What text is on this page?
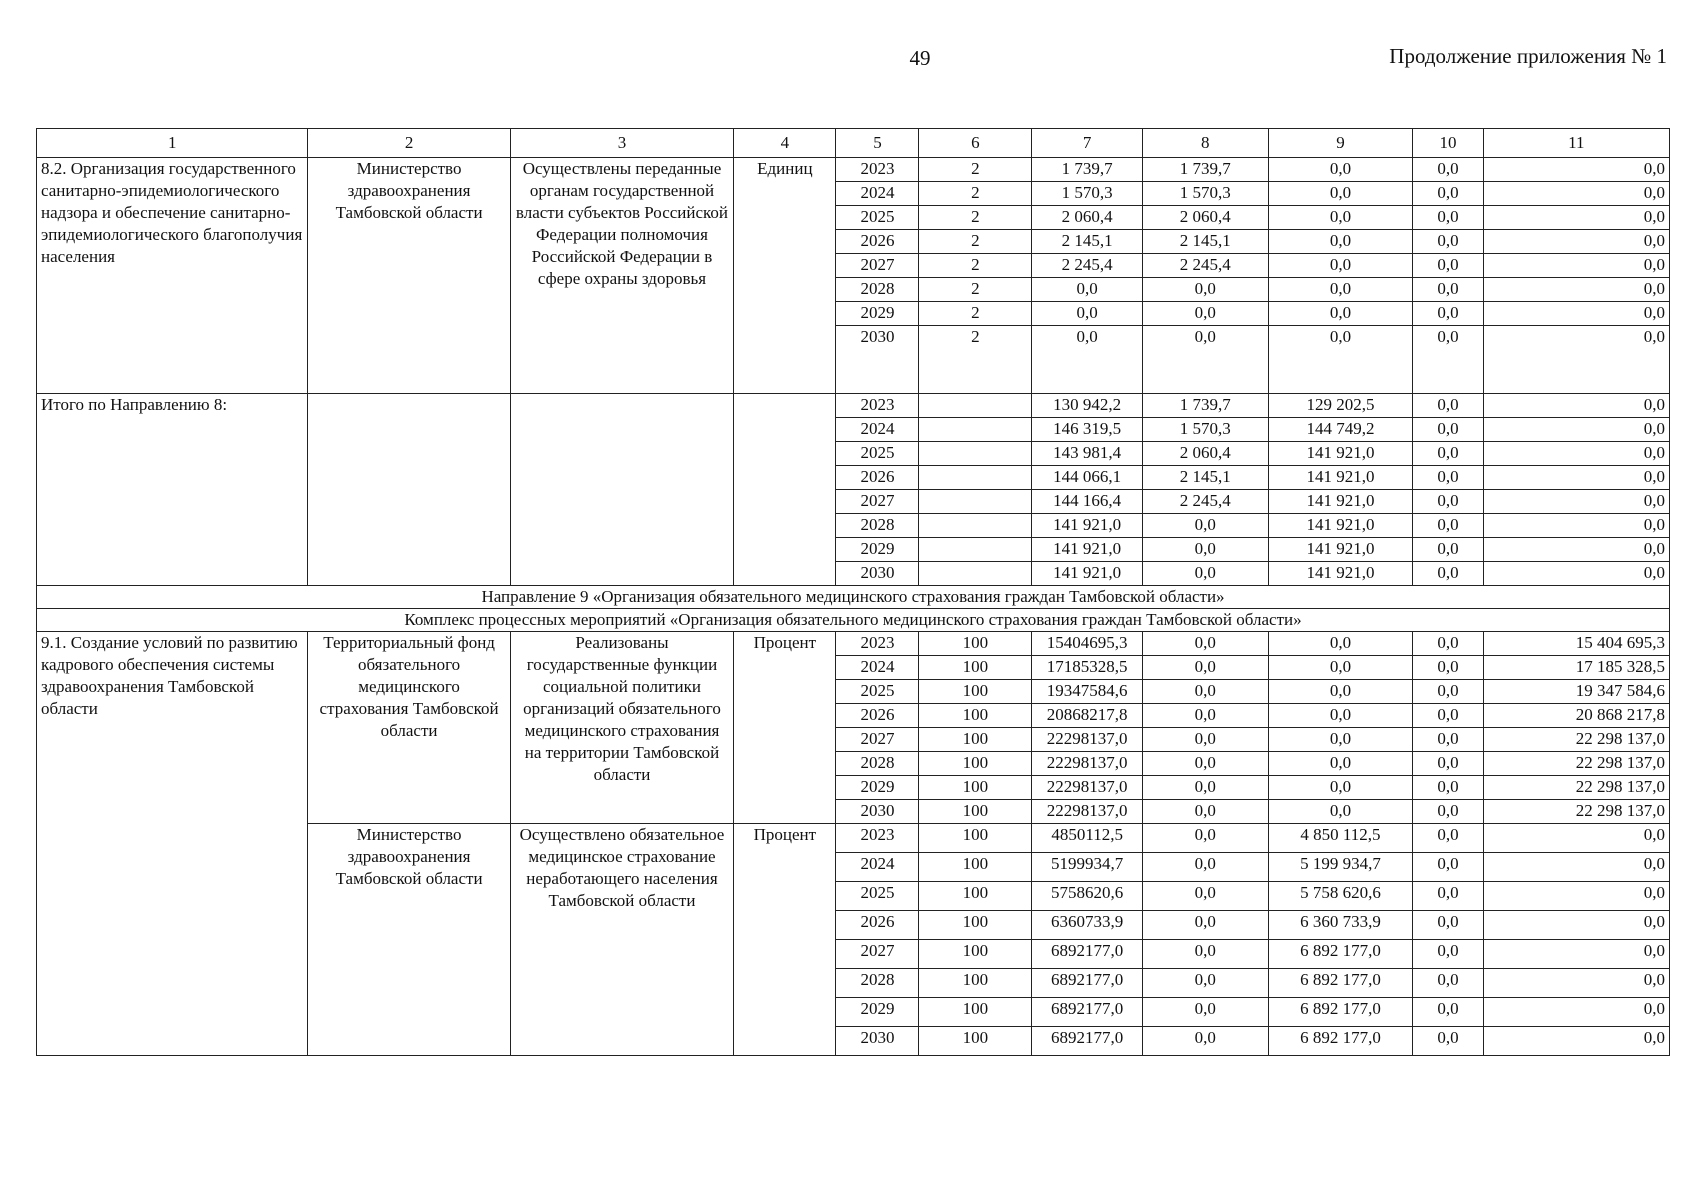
49	Продолжение приложения № 1
1	2	3	4	5	6	7	8	9	10	11
8.2. Организация государственного санитарно-эпидемиологического надзора и обеспечение санитарно-эпидемиологического благополучия населения	Министерство здравоохранения Тамбовской области	Осуществлены переданные органам государственной власти субъектов Российской Федерации полномочия Российской Федерации в сфере охраны здоровья	Единиц	2023	2	1 739,7	1 739,7	0,0	0,0	0,0
				2024	2	1 570,3	1 570,3	0,0	0,0	0,0
				2025	2	2 060,4	2 060,4	0,0	0,0	0,0
				2026	2	2 145,1	2 145,1	0,0	0,0	0,0
				2027	2	2 245,4	2 245,4	0,0	0,0	0,0
				2028	2	0,0	0,0	0,0	0,0	0,0
				2029	2	0,0	0,0	0,0	0,0	0,0
				2030	2	0,0	0,0	0,0	0,0	0,0
Итого по Направлению 8:				2023		130 942,2	1 739,7	129 202,5	0,0	0,0
				2024		146 319,5	1 570,3	144 749,2	0,0	0,0
				2025		143 981,4	2 060,4	141 921,0	0,0	0,0
				2026		144 066,1	2 145,1	141 921,0	0,0	0,0
				2027		144 166,4	2 245,4	141 921,0	0,0	0,0
				2028		141 921,0	0,0	141 921,0	0,0	0,0
				2029		141 921,0	0,0	141 921,0	0,0	0,0
				2030		141 921,0	0,0	141 921,0	0,0	0,0
Направление 9 «Организация обязательного медицинского страхования граждан Тамбовской области»										
Комплекс процессных мероприятий «Организация обязательного медицинского страхования граждан Тамбовской области»										
9.1. Создание условий по развитию кадрового обеспечения системы здравоохранения Тамбовской области	Территориальный фонд обязательного медицинского страхования Тамбовской области	Реализованы государственные функции социальной политики организаций обязательного медицинского страхования на территории Тамбовской области	Процент	2023	100	15404695,3	0,0	0,0	0,0	15 404 695,3
				2024	100	17185328,5	0,0	0,0	0,0	17 185 328,5
				2025	100	19347584,6	0,0	0,0	0,0	19 347 584,6
				2026	100	20868217,8	0,0	0,0	0,0	20 868 217,8
				2027	100	22298137,0	0,0	0,0	0,0	22 298 137,0
				2028	100	22298137,0	0,0	0,0	0,0	22 298 137,0
				2029	100	22298137,0	0,0	0,0	0,0	22 298 137,0
				2030	100	22298137,0	0,0	0,0	0,0	22 298 137,0
	Министерство здравоохранения Тамбовской области	Осуществлено обязательное медицинское страхование неработающего населения Тамбовской области	Процент	2023	100	4850112,5	0,0	4 850 112,5	0,0	0,0
				2024	100	5199934,7	0,0	5 199 934,7	0,0	0,0
				2025	100	5758620,6	0,0	5 758 620,6	0,0	0,0
				2026	100	6360733,9	0,0	6 360 733,9	0,0	0,0
				2027	100	6892177,0	0,0	6 892 177,0	0,0	0,0
				2028	100	6892177,0	0,0	6 892 177,0	0,0	0,0
				2029	100	6892177,0	0,0	6 892 177,0	0,0	0,0
				2030	100	6892177,0	0,0	6 892 177,0	0,0	0,0
